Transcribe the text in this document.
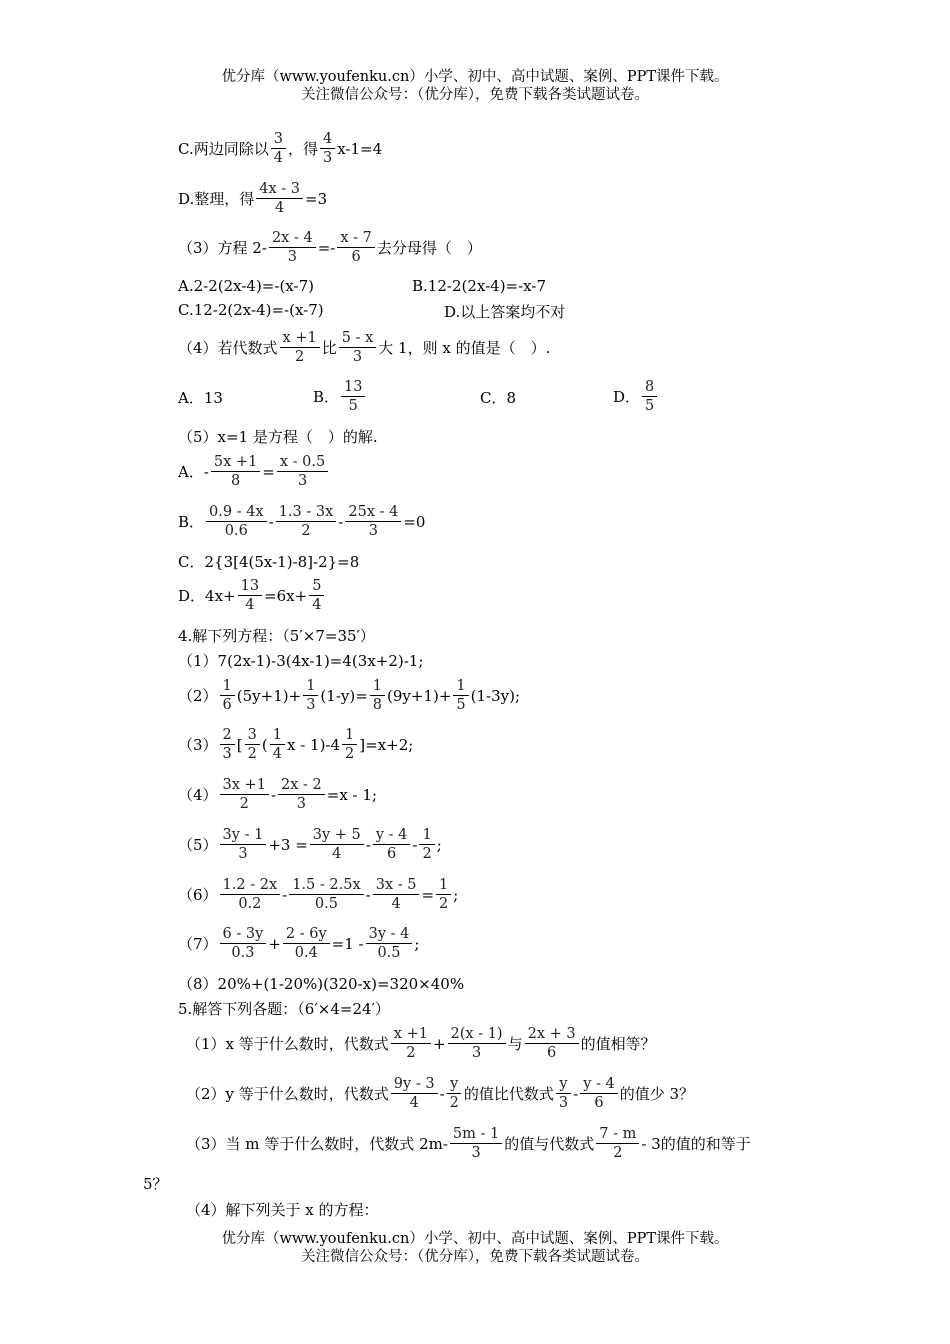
优分库（www.youfenku.cn）小学、初中、高中试题、案例、PPT课件下载。
关注微信公众号：（优分库），免费下载各类试题试卷。
C.两边同除以 $\frac{3}{4}$ ，得 $\frac{4}{3} x-1=4$
D.整理，得 $\frac{4x - 3}{4} =3$
（3）方程 $2- \frac{2x - 4}{3} =- \frac{x - 7}{6}$ 去分母得（　）
A.2-2(2x-4)=-(x-7)	B.12-2(2x-4)=-x-7
C.12-2(2x-4)=-(x-7)	D.以上答案均不对
（4）若代数式 $\frac{x +1}{2}$ 比 $\frac{5 - x}{3}$ 大 1，则 x 的值是（　）.
A．13	B． $\frac{13}{5}$	C．8	D． $\frac{8}{5}$
（5）x=1 是方程（　）的解.
A．- $\frac{5x +1}{8} = \frac{x - 0.5}{3}$
B． $\frac{0.9 - 4x}{0.6} - \frac{1.3 - 3x}{2} - \frac{25x - 4}{3} =0$
C．2{3[4(5x-1)-8]-2}=8
D．$4x+ \frac{13}{4} =6x+ \frac{5}{4}$
4.解下列方程：（5′×7=35′）
（1）7(2x-1)-3(4x-1)=4(3x+2)-1;
$(2) \frac{1}{6} (5y+1)+ \frac{1}{3} (1-y)= \frac{1}{8} (9y+1)+ \frac{1}{5} (1-3y)$;
$(3) \frac{2}{3}$ [ $\frac{3}{2}$ ( $\frac{1}{4}$ $x - 1)-4 \frac{1}{2} ]=x+2$;
$(4) \frac{3x +1}{2} - \frac{2x - 2}{3} =x - 1$;
$(5) \frac{3y - 1}{3} +3 = \frac{3y + 5}{4} - \frac{y - 4}{6} - \frac{1}{2}$ ;
$(6) \frac{1.2 - 2x}{0.2} - \frac{1.5 - 2.5x}{0.5} - \frac{3x - 5}{4} = \frac{1}{2}$ ;
$(7) \frac{6 - 3y}{0.3} + \frac{2 - 6y}{0.4} =1 - \frac{3y - 4}{0.5}$ ;
（8）20%+(1-20%)(320-x)=320×40%
5.解答下列各题：（6′×4=24′）
（1）x 等于什么数时，代数式 $\frac{x +1}{2} + \frac{2(x - 1)}{3}$ 与 $\frac{2x + 3}{6}$ 的值相等？
（2）y 等于什么数时，代数式 $\frac{9y - 3}{4} - \frac{y}{2}$ 的值比代数式 $\frac{y}{3} - \frac{y - 4}{6}$ 的值少 3？
（3）当 m 等于什么数时，代数式 $2m- \frac{5m - 1}{3}$ 的值与代数式 $\frac{7 - m}{2} - 3$的值的和等于
5？
（4）解下列关于 x 的方程：
优分库（www.youfenku.cn）小学、初中、高中试题、案例、PPT课件下载。
关注微信公众号：（优分库），免费下载各类试题试卷。
